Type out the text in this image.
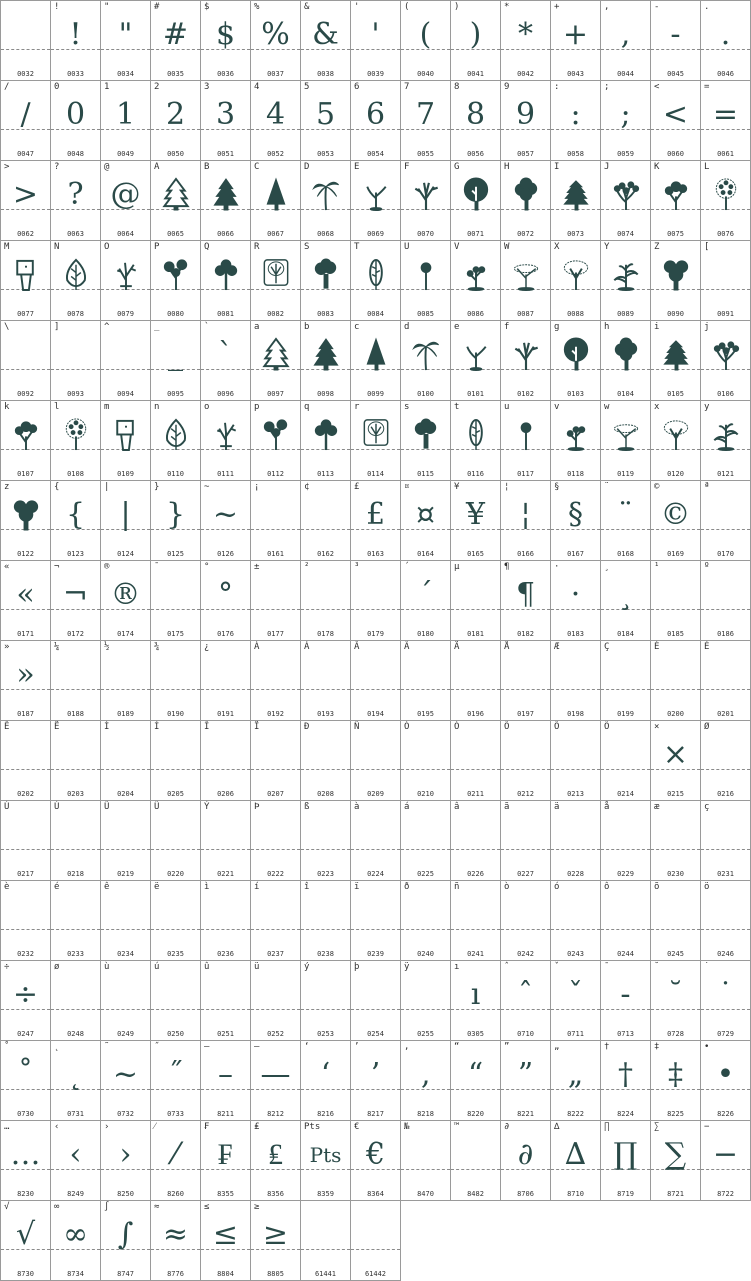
0032
!
!
0033
"
"
0034
#
#
0035
$
$
0036
%
%
0037
&
&
0038
'
'
0039
(
(
0040
)
)
0041
*
*
0042
+
+
0043
,
,
0044
-
-
0045
.
.
0046
/
/
0047
0
0
0048
1
1
0049
2
2
0050
3
3
0051
4
4
0052
5
5
0053
6
6
0054
7
7
0055
8
8
0056
9
9
0057
:
:
0058
;
;
0059
<
<
0060
=
=
0061
>
>
0062
?
?
0063
@
@
0064
A
0065
B
0066
C
0067
D
0068
E
0069
F
0070
G
0071
H
0072
I
0073
J
0074
K
0075
L
0076
M
0077
N
0078
O
0079
P
0080
Q
0081
R
0082
S
0083
T
0084
U
0085
V
0086
W
0087
X
0088
Y
0089
Z
0090
[
0091
\
0092
]
0093
^
0094
_
_
0095
`
`
0096
a
0097
b
0098
c
0099
d
0100
e
0101
f
0102
g
0103
h
0104
i
0105
j
0106
k
0107
l
0108
m
0109
n
0110
o
0111
p
0112
q
0113
r
0114
s
0115
t
0116
u
0117
v
0118
w
0119
x
0120
y
0121
z
0122
{
{
0123
|
|
0124
}
}
0125
~
~
0126
¡
0161
¢
0162
£
£
0163
¤
¤
0164
¥
¥
0165
¦
¦
0166
§
§
0167
¨
¨
0168
©
©
0169
ª
0170
«
«
0171
¬
¬
0172
®
®
0174
¯
0175
°
°
0176
±
0177
²
0178
³
0179
´
´
0180
µ
0181
¶
¶
0182
·
·
0183
¸
¸
0184
¹
0185
º
0186
»
»
0187
¼
0188
½
0189
¾
0190
¿
0191
À
0192
Á
0193
Â
0194
Ã
0195
Ä
0196
Å
0197
Æ
0198
Ç
0199
È
0200
É
0201
Ê
0202
Ë
0203
Ì
0204
Í
0205
Î
0206
Ï
0207
Ð
0208
Ñ
0209
Ò
0210
Ó
0211
Ô
0212
Õ
0213
Ö
0214
×
×
0215
Ø
0216
Ù
0217
Ú
0218
Û
0219
Ü
0220
Ý
0221
Þ
0222
ß
0223
à
0224
á
0225
â
0226
ã
0227
ä
0228
å
0229
æ
0230
ç
0231
è
0232
é
0233
ê
0234
ë
0235
ì
0236
í
0237
î
0238
ï
0239
ð
0240
ñ
0241
ò
0242
ó
0243
ô
0244
õ
0245
ö
0246
÷
÷
0247
ø
0248
ù
0249
ú
0250
û
0251
ü
0252
ý
0253
þ
0254
ÿ
0255
ı
ı
0305
ˆ
ˆ
0710
ˇ
ˇ
0711
¯
-
0713
˘
˘
0728
˙
˙
0729
˚
˚
0730
˛
˛
0731
˜
~
0732
˝
˝
0733
–
–
8211
—
—
8212
‘
‘
8216
’
’
8217
‚
‚
8218
“
“
8220
”
”
8221
„
„
8222
†
†
8224
‡
‡
8225
•
•
8226
…
…
8230
‹
‹
8249
›
›
8250
⁄
⁄
8260
₣
₣
8355
₤
₤
8356
Pts
Pts
8359
€
€
8364
№
8470
™
8482
∂
∂
8706
∆
∆
8710
∏
∏
8719
∑
∑
8721
−
−
8722
√
√
8730
∞
∞
8734
∫
∫
8747
≈
≈
8776
≤
≤
8804
≥
≥
8805	61441	61442
